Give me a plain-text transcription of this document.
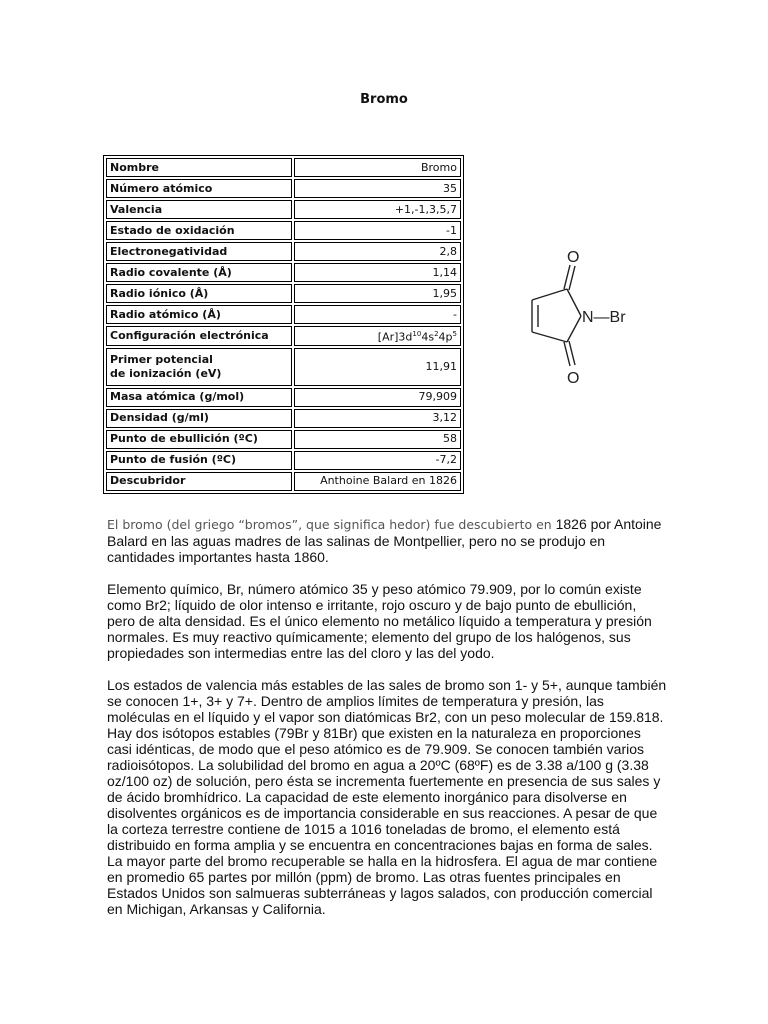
Bromo
Nombre	Bromo
Número atómico	35
Valencia	+1,-1,3,5,7
Estado de oxidación	-1
Electronegatividad	2,8
Radio covalente (Å)	1,14
Radio iónico (Å)	1,95
Radio atómico (Å)	-
Configuración electrónica	$[Ar]3d^{10}4s^24p^5$
Primer potencial
de ionización (eV)	11,91
Masa atómica (g/mol)	79,909
Densidad (g/ml)	3,12
Punto de ebullición (ºC)	58
Punto de fusión (ºC)	-7,2
Descubridor	Anthoine Balard en 1826
O
O
N—Br

El bromo (del griego “bromos”, que significa hedor) fue descubierto en 1826 por Antoine Balard en las aguas madres de las salinas de Montpellier, pero no se produjo en cantidades importantes hasta 1860.

Elemento químico, Br, número atómico 35 y peso atómico 79.909, por lo común existe como Br2; líquido de olor intenso e irritante, rojo oscuro y de bajo punto de ebullición, pero de alta densidad. Es el único elemento no metálico líquido a temperatura y presión normales. Es muy reactivo químicamente; elemento del grupo de los halógenos, sus propiedades son intermedias entre las del cloro y las del yodo.

Los estados de valencia más estables de las sales de bromo son 1- y 5+, aunque también se conocen 1+, 3+ y 7+. Dentro de amplios límites de temperatura y presión, las moléculas en el líquido y el vapor son diatómicas Br2, con un peso molecular de 159.818. Hay dos isótopos estables (79Br y 81Br) que existen en la naturaleza en proporciones casi idénticas, de modo que el peso atómico es de 79.909. Se conocen también varios radioisótopos. La solubilidad del bromo en agua a 20ºC (68ºF) es de 3.38 a/100 g (3.38 oz/100 oz) de solución, pero ésta se incrementa fuertemente en presencia de sus sales y de ácido bromhídrico. La capacidad de este elemento inorgánico para disolverse en disolventes orgánicos es de importancia considerable en sus reacciones. A pesar de que la corteza terrestre contiene de 1015 a 1016 toneladas de bromo, el elemento está distribuido en forma amplia y se encuentra en concentraciones bajas en forma de sales. La mayor parte del bromo recuperable se halla en la hidrosfera. El agua de mar contiene en promedio 65 partes por millón (ppm) de bromo. Las otras fuentes principales en Estados Unidos son salmueras subterráneas y lagos salados, con producción comercial en Michigan, Arkansas y California.
